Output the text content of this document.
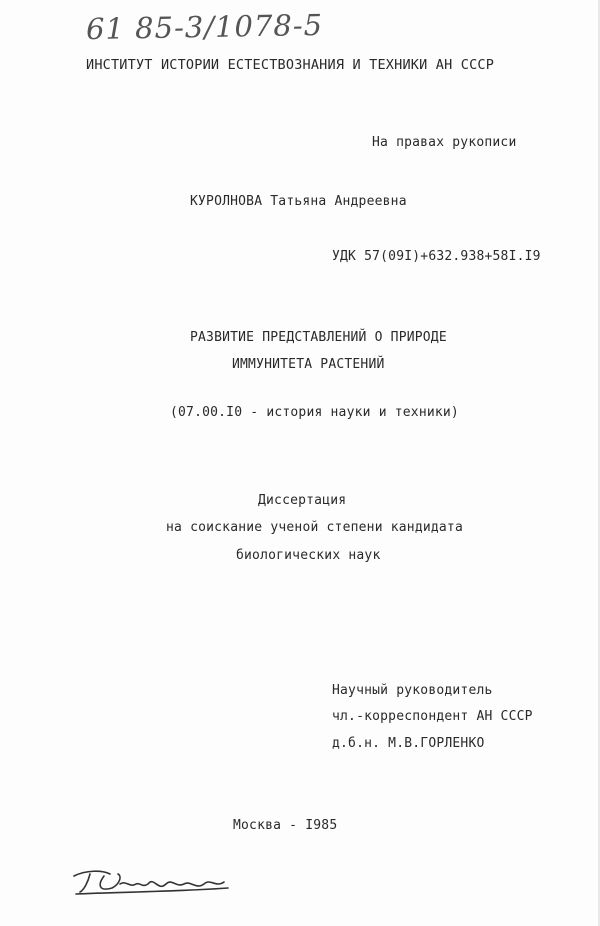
61 85-3/1078-5
ИНСТИТУТ ИСТОРИИ ЕСТЕСТВОЗНАНИЯ И ТЕХНИКИ АН СССР
На правах рукописи
КУРОЛНОВА Татьяна Андреевна
УДК 57(09I)+632.938+58I.I9
РАЗВИТИЕ ПРЕДСТАВЛЕНИЙ О ПРИРОДЕ
ИММУНИТЕТА РАСТЕНИЙ
(07.00.I0 - история науки и техники)
Диссертация
на соискание ученой степени кандидата
биологических наук
Научный руководитель
чл.-корреспондент АН СССР
д.б.н. М.В.ГОРЛЕНКО
Москва - I985
